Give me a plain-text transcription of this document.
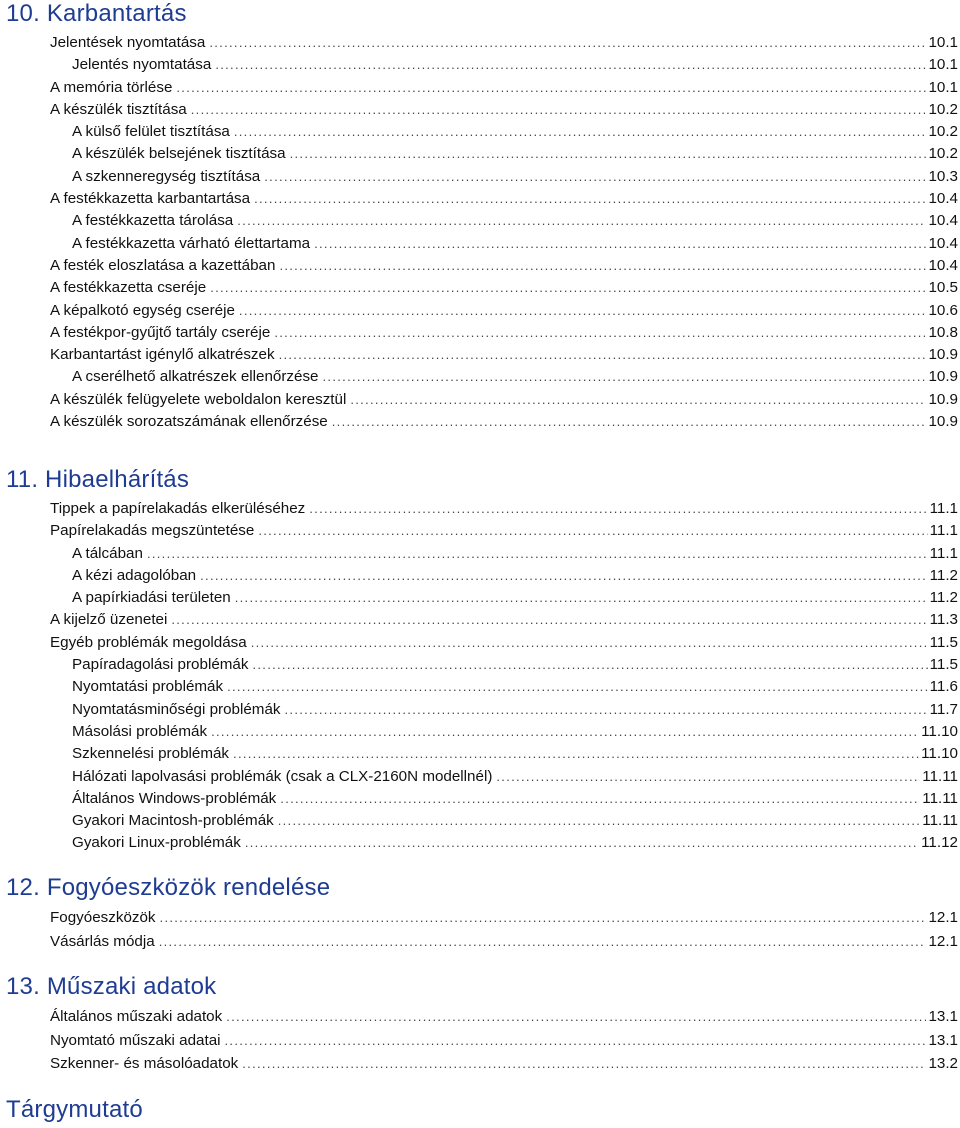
10. Karbantartás
Jelentések nyomtatása .....	10.1
Jelentés nyomtatása .....	10.1
A memória törlése .....	10.1
A készülék tisztítása .....	10.2
A külső felület tisztítása .....	10.2
A készülék belsejének tisztítása .....	10.2
A szkenneregység tisztítása .....	10.3
A festékkazetta karbantartása .....	10.4
A festékkazetta tárolása .....	10.4
A festékkazetta várható élettartama .....	10.4
A festék eloszlatása a kazettában .....	10.4
A festékkazetta cseréje .....	10.5
A képalkotó egység cseréje .....	10.6
A festékpor-gyűjtő tartály cseréje .....	10.8
Karbantartást igénylő alkatrészek .....	10.9
A cserélhető alkatrészek ellenőrzése .....	10.9
A készülék felügyelete weboldalon keresztül .....	10.9
A készülék sorozatszámának ellenőrzése .....	10.9
11. Hibaelhárítás
Tippek a papírelakadás elkerüléséhez .....	11.1
Papírelakadás megszüntetése .....	11.1
A tálcában .....	11.1
A kézi adagolóban .....	11.2
A papírkiadási területen .....	11.2
A kijelző üzenetei .....	11.3
Egyéb problémák megoldása .....	11.5
Papíradagolási problémák .....	11.5
Nyomtatási problémák .....	11.6
Nyomtatásminőségi problémák .....	11.7
Másolási problémák .....	11.10
Szkennelési problémák .....	11.10
Hálózati lapolvasási problémák (csak a CLX-2160N modellnél) .....	11.11
Általános Windows-problémák .....	11.11
Gyakori Macintosh-problémák .....	11.11
Gyakori Linux-problémák .....	11.12
12. Fogyóeszközök rendelése
Fogyóeszközök .....	12.1
Vásárlás módja .....	12.1
13. Műszaki adatok
Általános műszaki adatok .....	13.1
Nyomtató műszaki adatai .....	13.1
Szkenner- és másolóadatok .....	13.2
Tárgymutató
